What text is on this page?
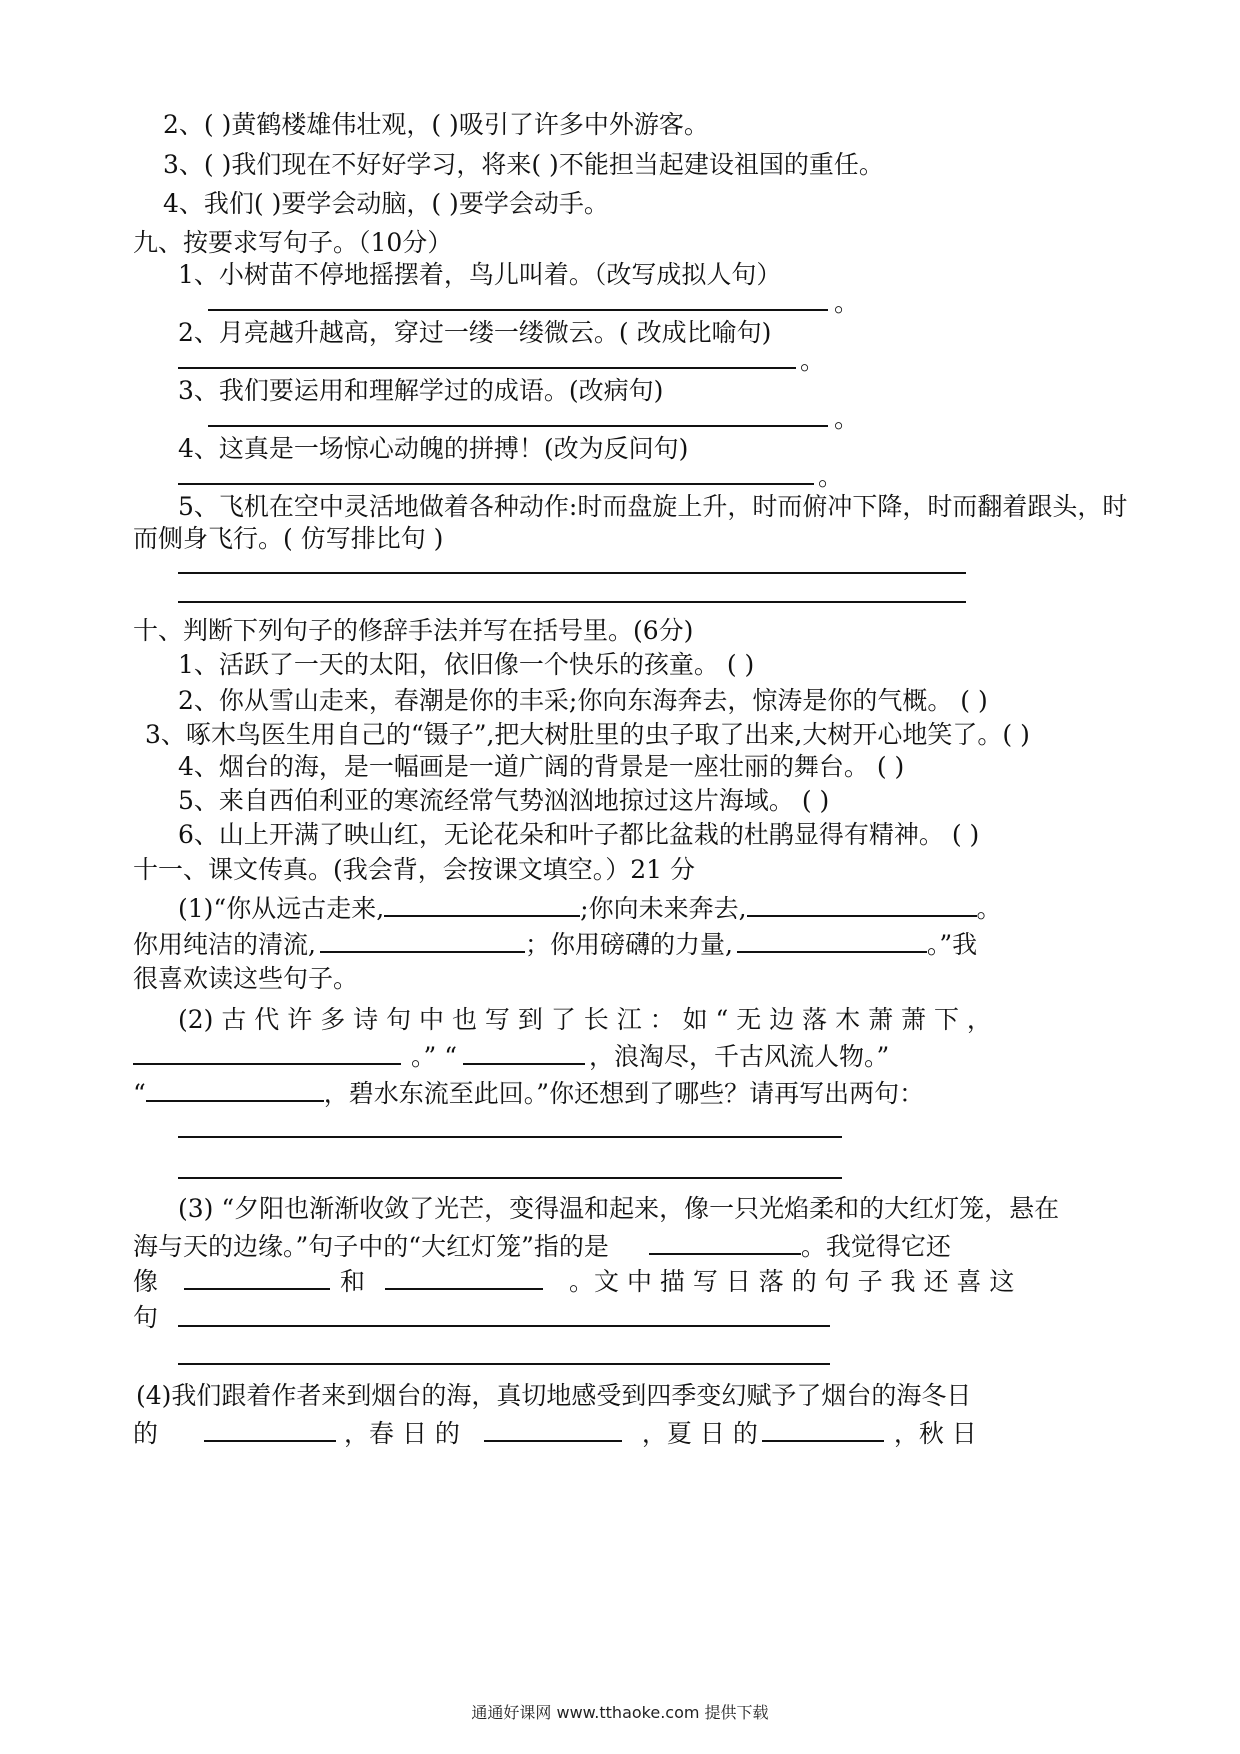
2、( )黄鹤楼雄伟壮观，( )吸引了许多中外游客。
3、( )我们现在不好好学习，将来( )不能担当起建设祖国的重任。
4、我们( )要学会动脑，( )要学会动手。
九、按要求写句子。（10分）
1、小树苗不停地摇摆着，鸟儿叫着。（改写成拟人句）
。
2、月亮越升越高，穿过一缕一缕微云。( 改成比喻句)
。
3、我们要运用和理解学过的成语。(改病句)
。
4、这真是一场惊心动魄的拼搏！(改为反问句)
。
5、飞机在空中灵活地做着各种动作:时而盘旋上升，时而俯冲下降，时而翻着跟头，时
而侧身飞行。( 仿写排比句 )
十、判断下列句子的修辞手法并写在括号里。(6分)
1、活跃了一天的太阳，依旧像一个快乐的孩童。 ( )
2、你从雪山走来，春潮是你的丰采;你向东海奔去，惊涛是你的气概。 ( )
3、啄木鸟医生用自己的“镊子”,把大树肚里的虫子取了出来,大树开心地笑了。( )
4、烟台的海，是一幅画是一道广阔的背景是一座壮丽的舞台。 ( )
5、来自西伯利亚的寒流经常气势汹汹地掠过这片海域。 ( )
6、山上开满了映山红，无论花朵和叶子都比盆栽的杜鹃显得有精神。 ( )
十一、课文传真。(我会背，会按课文填空。）21 分
(1)“你从远古走来,	;你向未来奔去,	。
你用纯洁的清流,	；你用磅礴的力量,	。”我
很喜欢读这些句子。
(2) 古 代 许 多 诗 句 中 也 写 到 了 长 江 ： 如 “ 无 边 落 木 萧 萧 下 ，
。” “	，浪淘尽，千古风流人物。”
“	，碧水东流至此回。”你还想到了哪些？请再写出两句：
(3) “夕阳也渐渐收敛了光芒，变得温和起来，像一只光焰柔和的大红灯笼，悬在
海与天的边缘。”句子中的“大红灯笼”指的是	。我觉得它还
像	和	。文 中 描 写 日 落 的 句 子 我 还 喜 这
句
(4)我们跟着作者来到烟台的海，真切地感受到四季变幻赋予了烟台的海冬日
的	，春 日 的	，夏 日 的	，秋 日
通通好课网 www.tthaoke.com 提供下载
